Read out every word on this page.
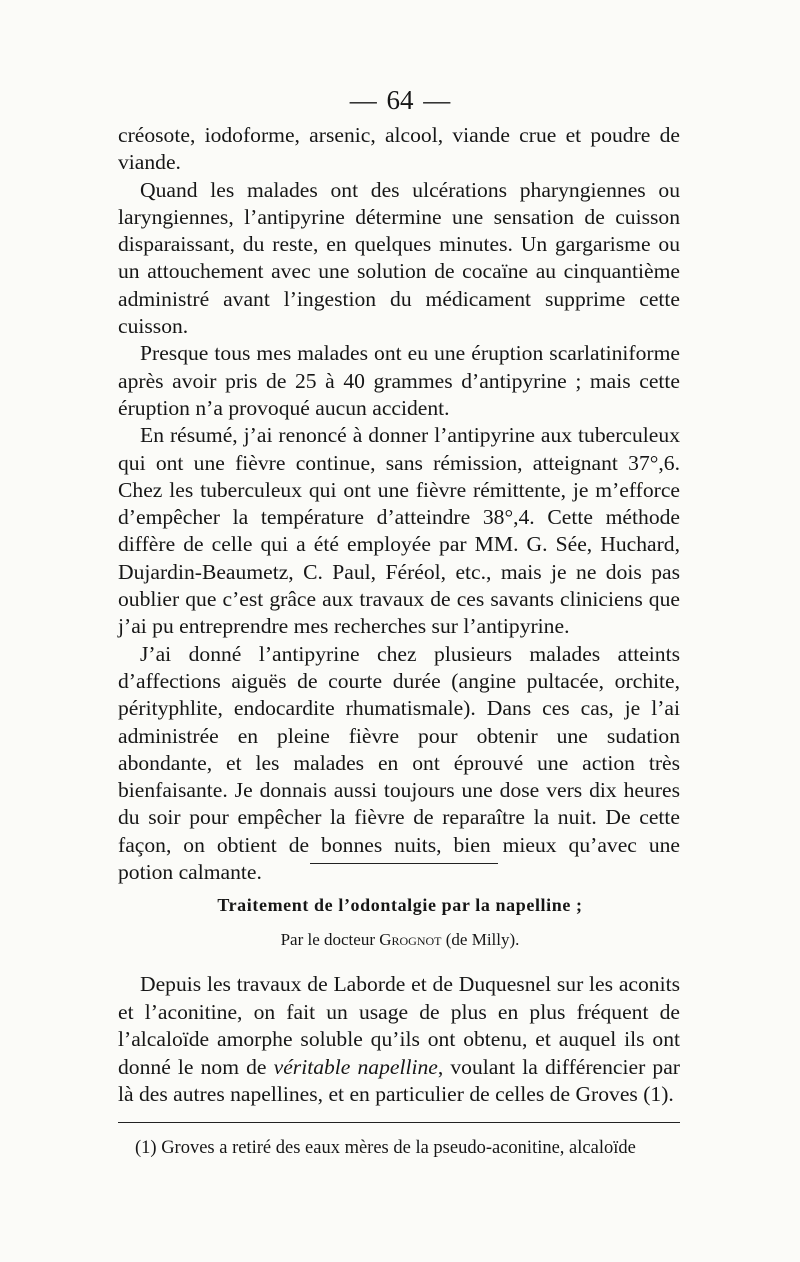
— 64 —

créosote, iodoforme, arsenic, alcool, viande crue et poudre de viande.

Quand les malades ont des ulcérations pharyngiennes ou laryngiennes, l’antipyrine détermine une sensation de cuisson disparaissant, du reste, en quelques minutes. Un gargarisme ou un attouchement avec une solution de cocaïne au cinquantième administré avant l’ingestion du médicament supprime cette cuisson.

Presque tous mes malades ont eu une éruption scarlatiniforme après avoir pris de 25 à 40 grammes d’antipyrine ; mais cette éruption n’a provoqué aucun accident.

En résumé, j’ai renoncé à donner l’antipyrine aux tuberculeux qui ont une fièvre continue, sans rémission, atteignant 37°,6. Chez les tuberculeux qui ont une fièvre rémittente, je m’efforce d’empêcher la température d’atteindre 38°,4. Cette méthode diffère de celle qui a été employée par MM. G. Sée, Huchard, Dujardin-Beaumetz, C. Paul, Féréol, etc., mais je ne dois pas oublier que c’est grâce aux travaux de ces savants cliniciens que j’ai pu entreprendre mes recherches sur l’antipyrine.

J’ai donné l’antipyrine chez plusieurs malades atteints d’affections aiguës de courte durée (angine pultacée, orchite, pérityphlite, endocardite rhumatismale). Dans ces cas, je l’ai administrée en pleine fièvre pour obtenir une sudation abondante, et les malades en ont éprouvé une action très bienfaisante. Je donnais aussi toujours une dose vers dix heures du soir pour empêcher la fièvre de reparaître la nuit. De cette façon, on obtient de bonnes nuits, bien mieux qu’avec une potion calmante.

Traitement de l’odontalgie par la napelline ;
Par le docteur Grognot (de Milly).

Depuis les travaux de Laborde et de Duquesnel sur les aconits et l’aconitine, on fait un usage de plus en plus fréquent de l’alcaloïde amorphe soluble qu’ils ont obtenu, et auquel ils ont donné le nom de véritable napelline, voulant la différencier par là des autres napellines, et en particulier de celles de Groves (1).

(1) Groves a retiré des eaux mères de la pseudo-aconitine, alcaloïde
